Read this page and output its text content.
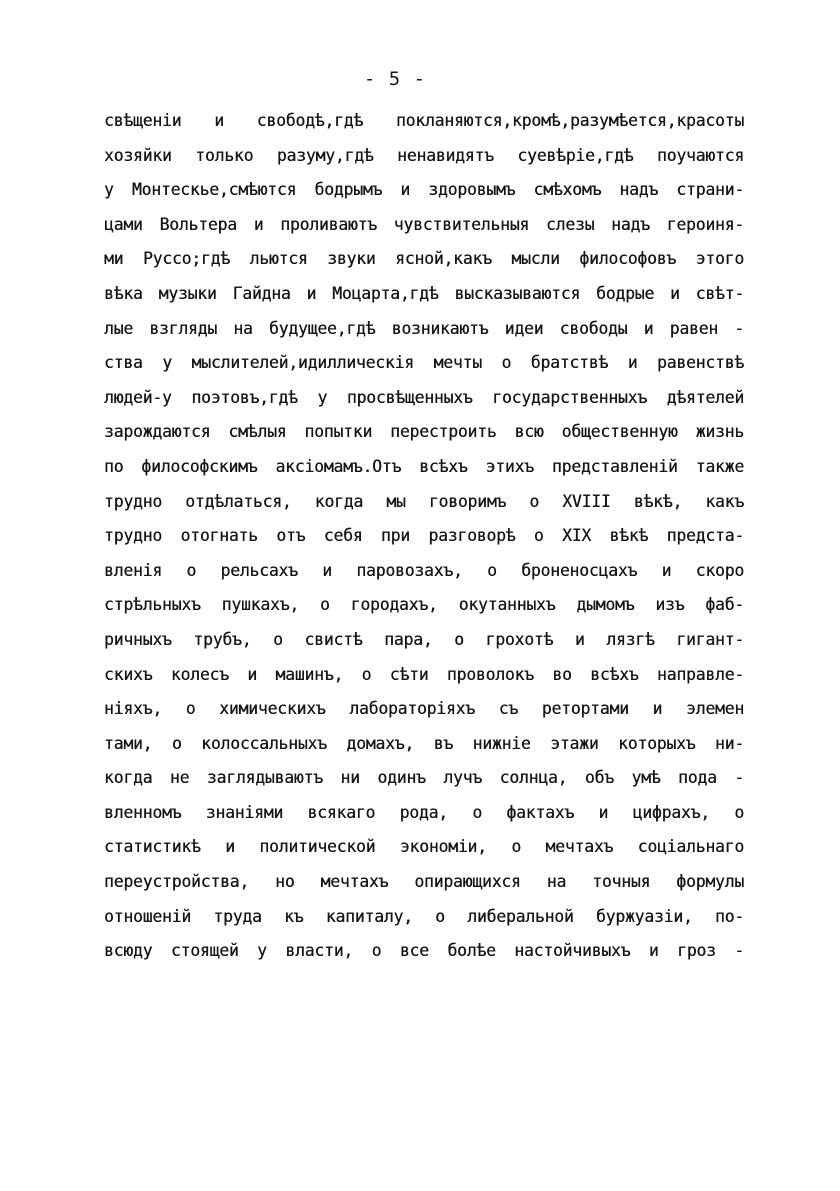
- 5 -
свѣщеніи и свободѣ,гдѣ покланяются,кромѣ,разумѣется,красоты
хозяйки только разуму,гдѣ ненавидятъ суевѣріе,гдѣ поучаются
у Монтескье,смѣются бодрымъ и здоровымъ смѣхомъ надъ страни-
цами Вольтера и проливаютъ чувствительныя слезы надъ героиня-
ми Руссо;гдѣ льются звуки ясной,какъ мысли философовъ этого
вѣка музыки Гайдна и Моцарта,гдѣ высказываются бодрые и свѣт-
лые взгляды на будущее,гдѣ возникаютъ идеи свободы и равен -
ства у мыслителей,идиллическія мечты о братствѣ и равенствѣ
людей-у поэтовъ,гдѣ у просвѣщенныхъ государственныхъ дѣятелей
зарождаются смѣлыя попытки перестроить всю общественную жизнь
по философскимъ аксіомамъ.Отъ всѣхъ этихъ представленій также
трудно отдѣлаться, когда мы говоримъ о XVIII вѣкѣ, какъ
трудно отогнать отъ себя при разговорѣ о XIX вѣкѣ предста-
вленія о рельсахъ и паровозахъ, о броненосцахъ и скоро
стрѣльныхъ пушкахъ, о городахъ, окутанныхъ дымомъ изъ фаб-
ричныхъ трубъ, о свистѣ пара, о грохотѣ и лязгѣ гигант-
скихъ колесъ и машинъ, о сѣти проволокъ во всѣхъ направле-
ніяхъ, о химическихъ лабораторіяхъ съ ретортами и элемен
тами, о колоссальныхъ домахъ, въ нижніе этажи которыхъ ни-
когда не заглядываютъ ни одинъ лучъ солнца, объ умѣ пода -
вленномъ знаніями всякаго рода, о фактахъ и цифрахъ, о
статистикѣ и политической экономіи, о мечтахъ соціальнаго
переустройства, но мечтахъ опирающихся на точныя формулы
отношеній труда къ капиталу, о либеральной буржуазіи, по-
всюду стоящей у власти, о все болѣе настойчивыхъ и гроз -
